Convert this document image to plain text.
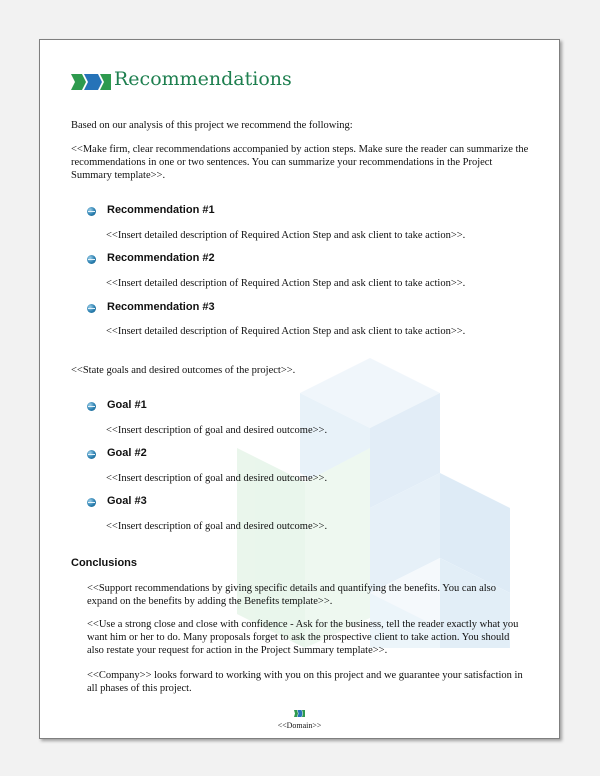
Recommendations
Based on our analysis of this project we recommend the following:
<<Make firm, clear recommendations accompanied by action steps. Make sure the reader can summarize the recommendations in one or two sentences. You can summarize your recommendations in the Project Summary template>>.
Recommendation #1
<<Insert detailed description of Required Action Step and ask client to take action>>.
Recommendation #2
<<Insert detailed description of Required Action Step and ask client to take action>>.
Recommendation #3
<<Insert detailed description of Required Action Step and ask client to take action>>.
<<State goals and desired outcomes of the project>>.
Goal #1
<<Insert description of goal and desired outcome>>.
Goal #2
<<Insert description of goal and desired outcome>>.
Goal #3
<<Insert description of goal and desired outcome>>.
Conclusions
<<Support recommendations by giving specific details and quantifying the benefits. You can also expand on the benefits by adding the Benefits template>>.
<<Use a strong close and close with confidence - Ask for the business, tell the reader exactly what you want him or her to do. Many proposals forget to ask the prospective client to take action. You should also restate your request for action in the Project Summary template>>.
<<Company>> looks forward to working with you on this project and we guarantee your satisfaction in all phases of this project.
<<Domain>>
